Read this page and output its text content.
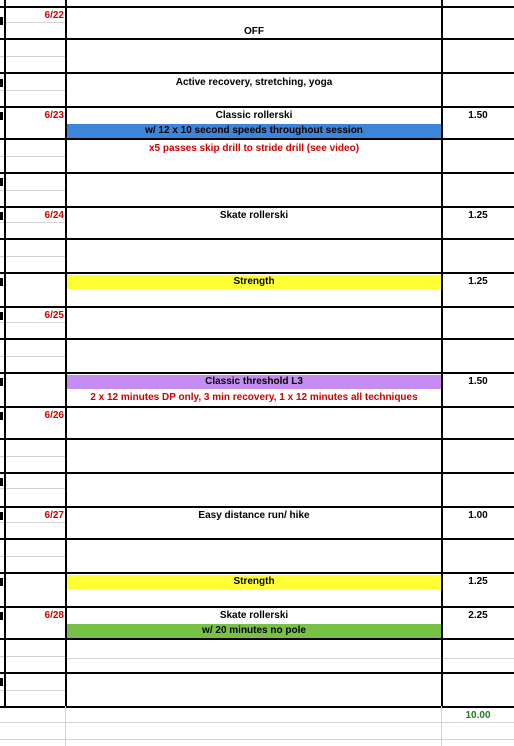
6/22
6/23
6/24
6/25
6/26
6/27
6/28
OFF
Active recovery, stretching, yoga
Classic rollerski
w/ 12 x 10 second speeds throughout session
x5 passes skip drill to stride drill (see video)
Skate rollerski
Strength
Classic threshold L3
2 x 12 minutes DP only, 3 min recovery, 1 x 12 minutes all techniques
Easy distance run/ hike
Strength
Skate rollerski
w/ 20 minutes no pole
1.50
1.25
1.25
1.50
1.00
1.25
2.25
10.00
